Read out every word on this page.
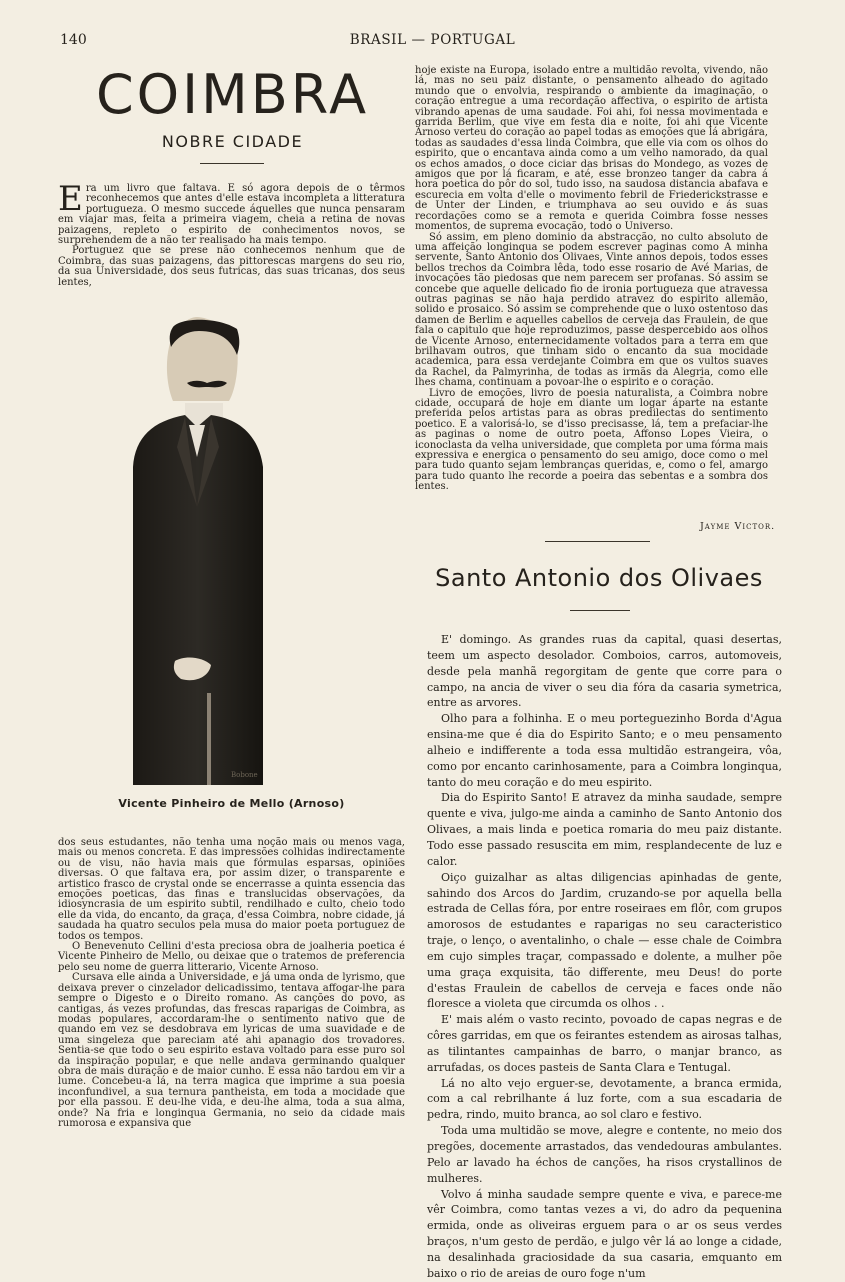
140	BRASIL — PORTUGAL
COIMBRA
NOBRE CIDADE

Era um livro que faltava. E só agora depois de o têrmos reconhecemos que antes d'elle estava incompleta a litteratura portugueza. O mesmo succede áquelles que nunca pensaram em viajar mas, feita a primeira viagem, cheia a retina de novas paizagens, repleto o espirito de conhecimentos novos, se surprehendem de a não ter realisado ha mais tempo.

Portuguez que se prese não conhecemos nenhum que de Coimbra, das suas paizagens, das pittorescas margens do seu rio, da sua Universidade, dos seus futricas, das suas tricanas, dos seus lentes,

Bobone
Vicente Pinheiro de Mello (Arnoso)

dos seus estudantes, não tenha uma noção mais ou menos vaga, mais ou menos concreta. E das impressões colhidas indirectamente ou de visu, não havia mais que fórmulas esparsas, opiniões diversas. O que faltava era, por assim dizer, o transparente e artistico frasco de crystal onde se encerrasse a quinta essencia das emoções poeticas, das finas e translucidas observações, da idiosyncrasia de um espirito subtil, rendilhado e culto, cheio todo elle da vida, do encanto, da graça, d'essa Coimbra, nobre cidade, já saudada ha quatro seculos pela musa do maior poeta portuguez de todos os tempos.

O Benevenuto Cellini d'esta preciosa obra de joalheria poetica é Vicente Pinheiro de Mello, ou deixae que o tratemos de preferencia pelo seu nome de guerra litterario, Vicente Arnoso.

Cursava elle ainda a Universidade, e já uma onda de lyrismo, que deixava prever o cinzelador delicadissimo, tentava affogar-lhe para sempre o Digesto e o Direito romano. As canções do povo, as cantigas, ás vezes profundas, das frescas raparigas de Coimbra, as modas populares, accordaram-lhe o sentimento nativo que de quando em vez se desdobrava em lyricas de uma suavidade e de uma singeleza que pareciam até ahi apanagio dos trovadores. Sentia-se que todo o seu espirito estava voltado para esse puro sol da inspiração popular, e que nelle andava germinando qualquer obra de mais duração e de maior cunho. E essa não tardou em vir a lume. Concebeu-a lá, na terra magica que imprime a sua poesia inconfundivel, a sua ternura pantheista, em toda a mocidade que por ella passou. E deu-lhe vida, e deu-lhe alma, toda a sua alma, onde? Na fria e longinqua Germania, no seio da cidade mais rumorosa e expansiva que

hoje existe na Europa, isolado entre a multidão revolta, vivendo, não lá, mas no seu paiz distante, o pensamento alheado do agitado mundo que o envolvia, respirando o ambiente da imaginação, o coração entregue a uma recordação affectiva, o espirito de artista vibrando apenas de uma saudade. Foi ahi, foi nessa movimentada e garrida Berlim, que vive em festa dia e noite, foi ahi que Vicente Arnoso verteu do coração ao papel todas as emoções que lá abrigára, todas as saudades d'essa linda Coimbra, que elle via com os olhos do espirito, que o encantava ainda como a um velho namorado, da qual os echos amados, o doce ciciar das brisas do Mondego, as vozes de amigos que por lá ficaram, e até, esse bronzeo tanger da cabra á hora poetica do pôr do sol, tudo isso, na saudosa distancia abafava e escurecia em volta d'elle o movimento febril de Friederickstrasse e de Unter der Linden, e triumphava ao seu ouvido e ás suas recordações como se a remota e querida Coimbra fosse nesses momentos, de suprema evocação, todo o Universo.

Só assim, em pleno dominio da abstracção, no culto absoluto de uma affeição longinqua se podem escrever paginas como A minha servente, Santo Antonio dos Olivaes, Vinte annos depois, todos esses bellos trechos da Coimbra lêda, todo esse rosario de Avé Marias, de invocações tão piedosas que nem parecem ser profanas. Só assim se concebe que aquelle delicado fio de ironia portugueza que atravessa outras paginas se não haja perdido atravez do espirito allemão, solido e prosaico. Só assim se comprehende que o luxo ostentoso das damen de Berlim e aquelles cabellos de cerveja das Fraulein, de que fala o capitulo que hoje reproduzimos, passe despercebido aos olhos de Vicente Arnoso, enternecidamente voltados para a terra em que brilhavam outros, que tinham sido o encanto da sua mocidade academica, para essa verdejante Coimbra em que os vultos suaves da Rachel, da Palmyrinha, de todas as irmãs da Alegria, como elle lhes chama, continuam a povoar-lhe o espirito e o coração.

Livro de emoções, livro de poesia naturalista, a Coimbra nobre cidade, occupará de hoje em diante um logar áparte na estante preferida pelos artistas para as obras predilectas do sentimento poetico. E a valorisá-lo, se d'isso precisasse, lá, tem a prefaciar-lhe as paginas o nome de outro poeta, Affonso Lopes Vieira, o iconoclasta da velha universidade, que completa por uma fórma mais expressiva e energica o pensamento do seu amigo, doce como o mel para tudo quanto sejam lembranças queridas, e, como o fel, amargo para tudo quanto lhe recorde a poeira das sebentas e a sombra dos lentes.

Jayme Victor.
Santo Antonio dos Olivaes

E' domingo. As grandes ruas da capital, quasi desertas, teem um aspecto desolador. Comboios, carros, automoveis, desde pela manhã regorgitam de gente que corre para o campo, na ancia de viver o seu dia fóra da casaria symetrica, entre as arvores.

Olho para a folhinha. E o meu porteguezinho Borda d'Agua ensina-me que é dia do Espirito Santo; e o meu pensamento alheio e indifferente a toda essa multidão estrangeira, vôa, como por encanto carinhosamente, para a Coimbra longinqua, tanto do meu coração e do meu espirito.

Dia do Espirito Santo! E atravez da minha saudade, sempre quente e viva, julgo-me ainda a caminho de Santo Antonio dos Olivaes, a mais linda e poetica romaria do meu paiz distante. Todo esse passado resuscita em mim, resplandecente de luz e calor.

Oiço guizalhar as altas diligencias apinhadas de gente, sahindo dos Arcos do Jardim, cruzando-se por aquella bella estrada de Cellas fóra, por entre roseiraes em flôr, com grupos amorosos de estudantes e raparigas no seu caracteristico traje, o lenço, o aventalinho, o chale — esse chale de Coimbra em cujo simples traçar, compassado e dolente, a mulher põe uma graça exquisita, tão differente, meu Deus! do porte d'estas Fraulein de cabellos de cerveja e faces onde não floresce a violeta que circumda os olhos . .

E' mais além o vasto recinto, povoado de capas negras e de côres garridas, em que os feirantes estendem as airosas talhas, as tilintantes campainhas de barro, o manjar branco, as arrufadas, os doces pasteis de Santa Clara e Tentugal.

Lá no alto vejo erguer-se, devotamente, a branca ermida, com a cal rebrilhante á luz forte, com a sua escadaria de pedra, rindo, muito branca, ao sol claro e festivo.

Toda uma multidão se move, alegre e contente, no meio dos pregões, docemente arrastados, das vendedouras ambulantes. Pelo ar lavado ha échos de canções, ha risos crystallinos de mulheres.

Volvo á minha saudade sempre quente e viva, e parece-me vêr Coimbra, como tantas vezes a vi, do adro da pequenina ermida, onde as oliveiras erguem para o ar os seus verdes braços, n'um gesto de perdão, e julgo vêr lá ao longe a cidade, na desalinhada graciosidade da sua casaria, emquanto em baixo o rio de areias de ouro foge n'um
